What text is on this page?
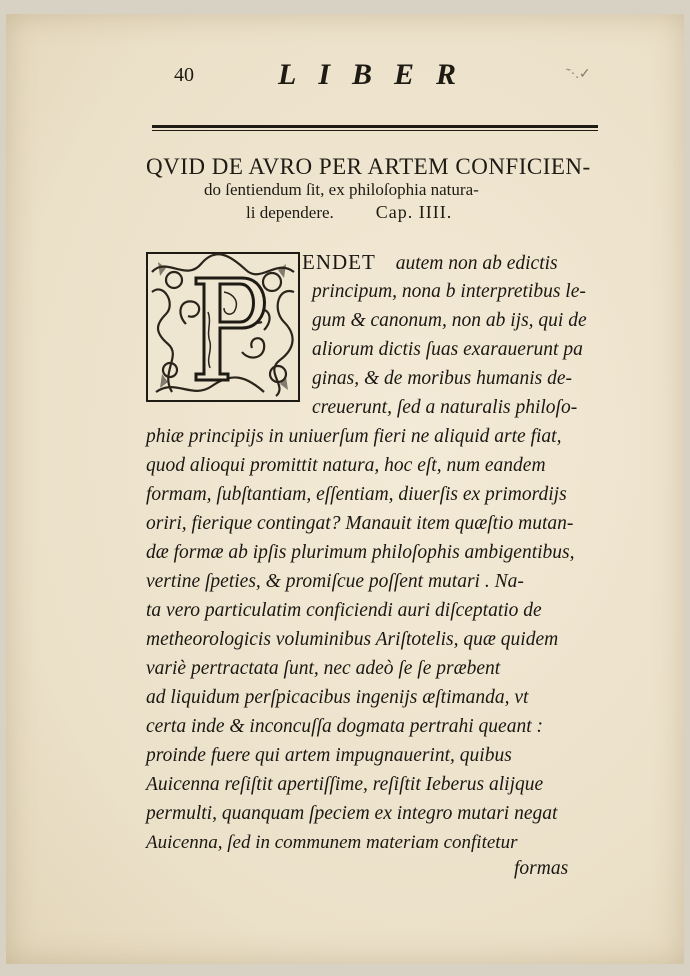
40	LIBER	˜·.✓
QVID DE AVRO PER ARTEM CONFICIEN-
do ſentiendum ſit, ex philoſophia natura-
li dependere. Cap. IIII.
ENDET autem non ab edictis
principum, nona b interpretibus le-
gum & canonum, non ab ijs, qui de
aliorum dictis ſuas exarauerunt pa
ginas, & de moribus humanis de-
creuerunt, ſed a naturalis philoſo-
phiæ principijs in uniuerſum fieri ne aliquid arte fiat,
quod alioqui promittit natura, hoc eſt, num eandem
formam, ſubſtantiam, eſſentiam, diuerſis ex primordijs
oriri, fierique contingat? Manauit item quæſtio mutan-
dæ formæ ab ipſis plurimum philoſophis ambigentibus,
vertine ſpeties, & promiſcue poſſent mutari . Na-
ta vero particulatim conficiendi auri diſceptatio de
metheorologicis voluminibus Ariſtotelis, quæ quidem
variè pertractata ſunt, nec adeò ſe ſe præbent
ad liquidum perſpicacibus ingenijs æſtimanda, vt
certa inde & inconcuſſa dogmata pertrahi queant :
proinde fuere qui artem impugnauerint, quibus
Auicenna reſiſtit apertiſſime, reſiſtit Ieberus alijque
permulti, quanquam ſpeciem ex integro mutari negat
Auicenna, ſed in communem materiam confitetur
formas
